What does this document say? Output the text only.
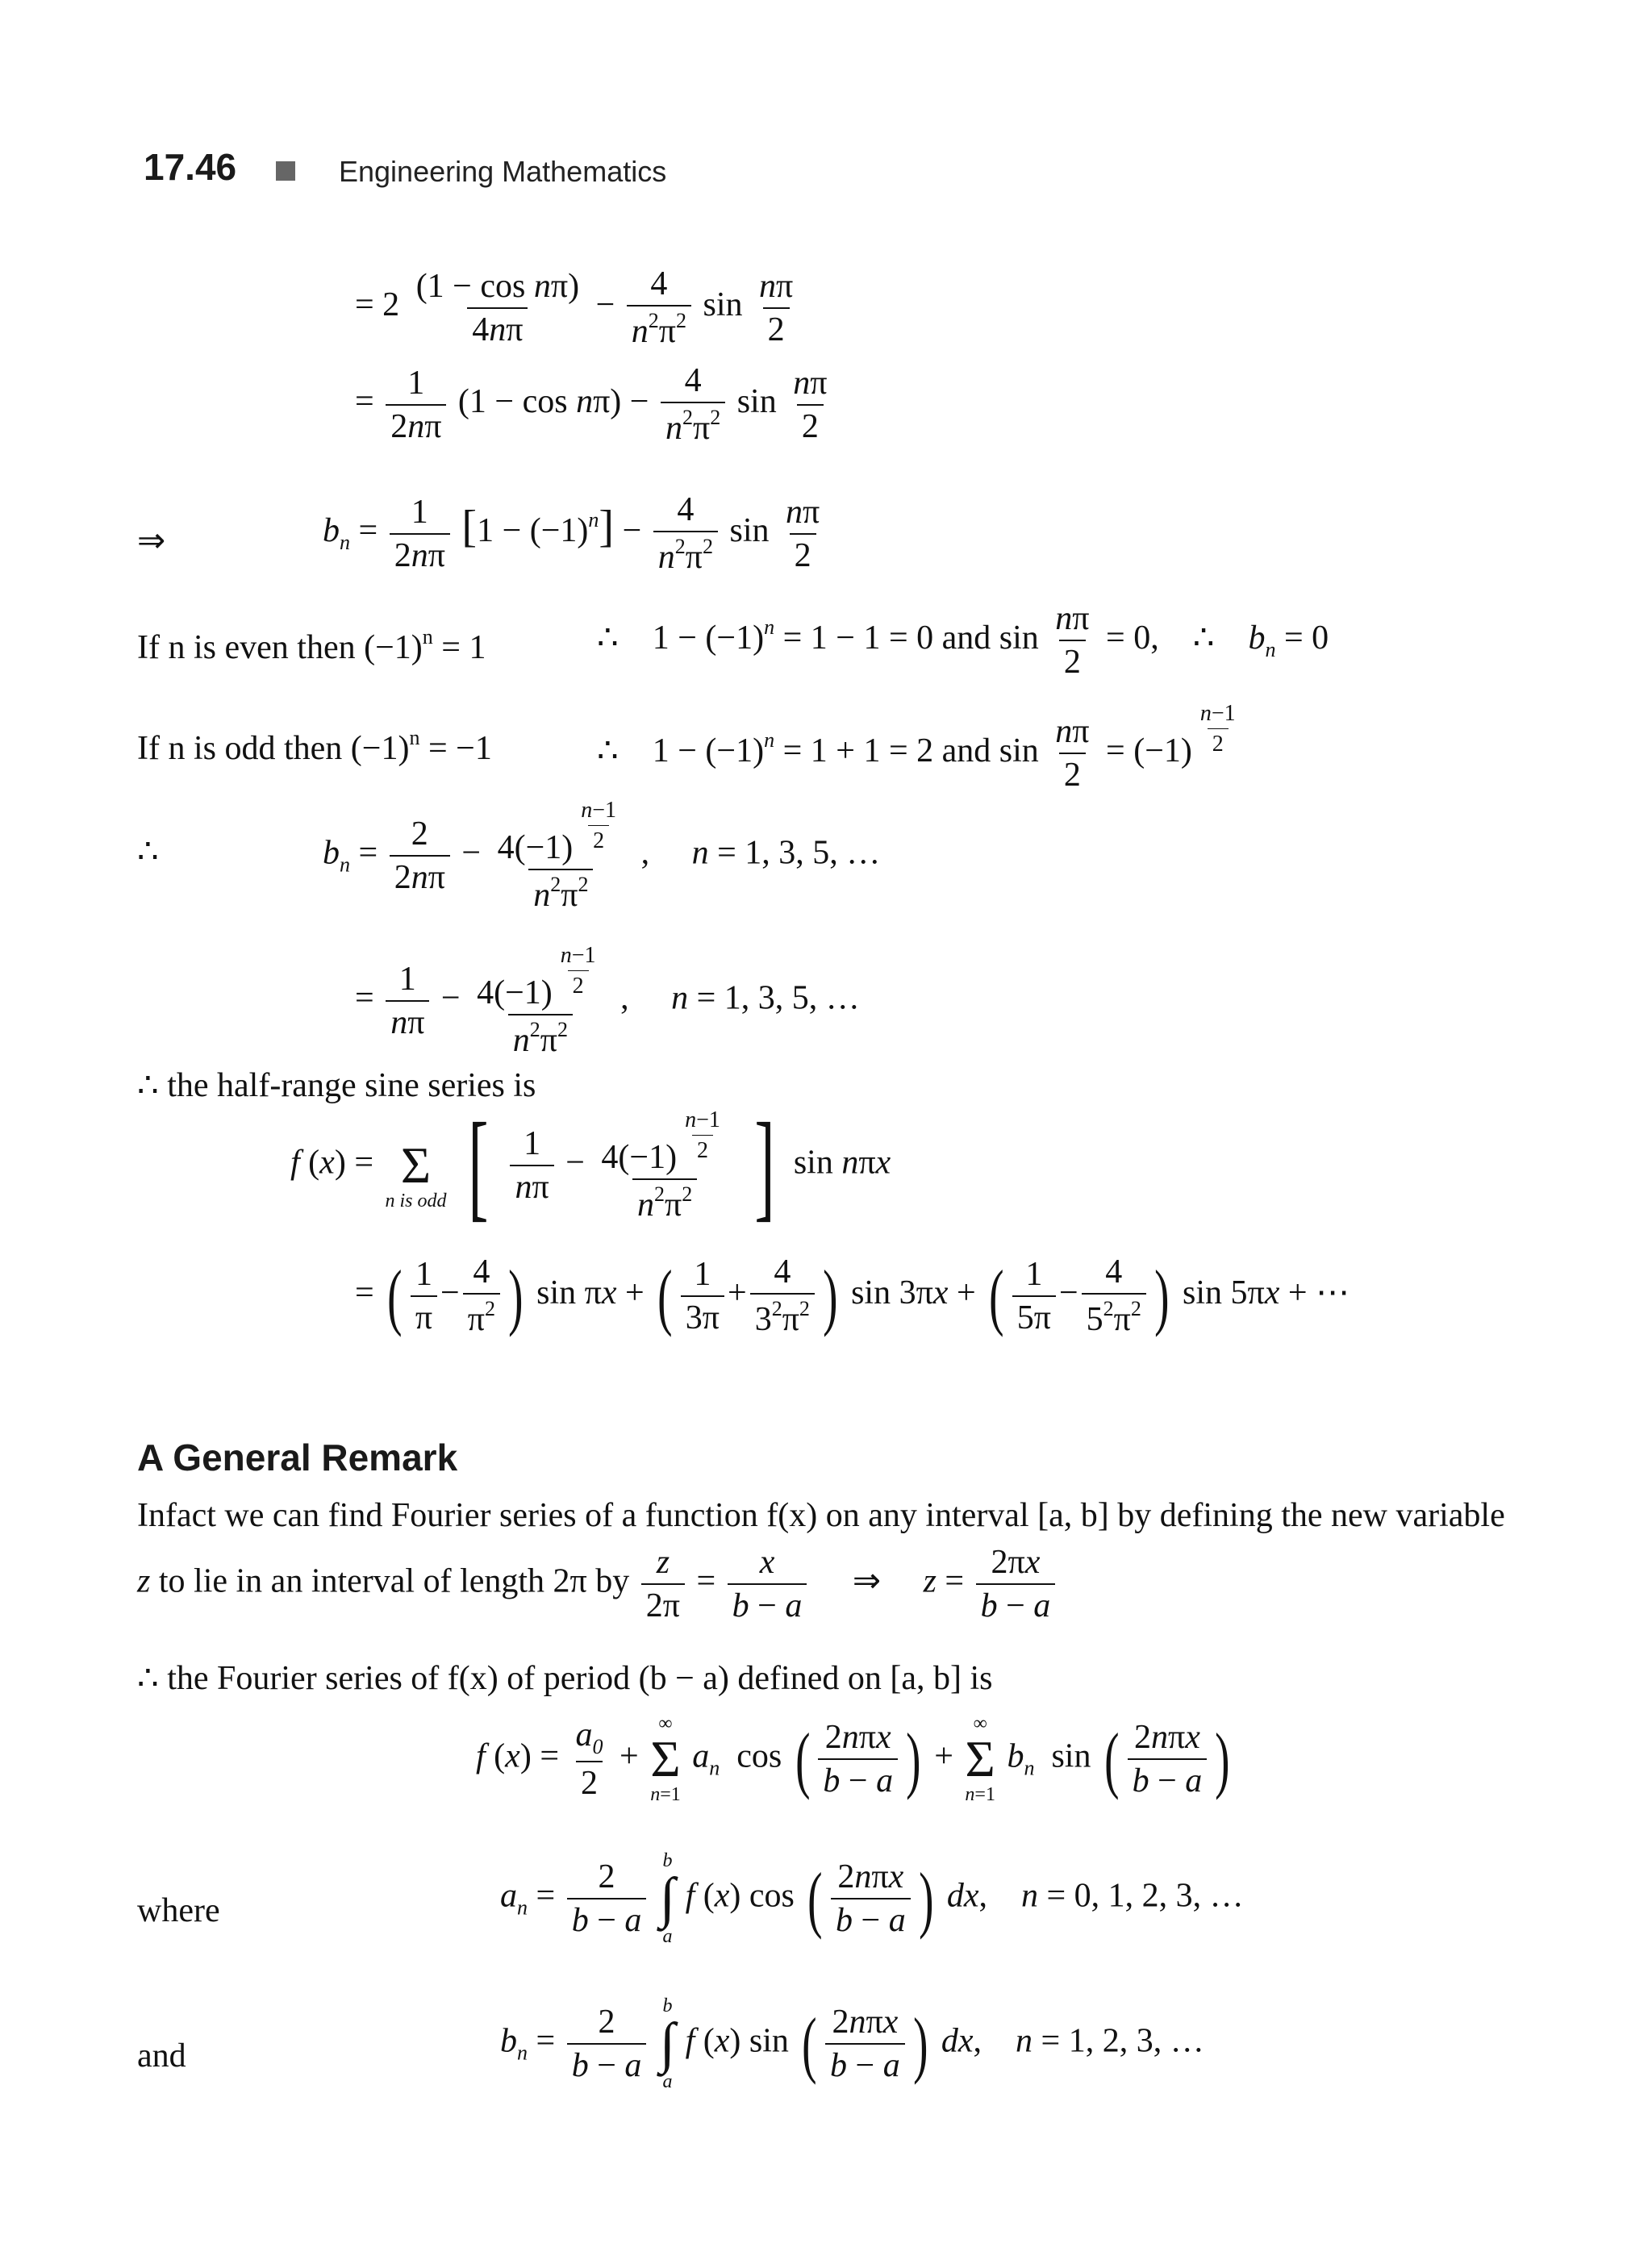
17.46	Engineering Mathematics
= $2 \frac{\text{(1 − cos nπ)}}{4n\pi} - \frac{4}{n^2\pi^2}$ $\sin \frac{n\pi}{2}$
= $\frac{1}{2n\pi} (1 - \cos n\pi) - \frac{4}{n^2\pi^2}$ $\sin \frac{n\pi}{2}$
⇒	$b_n = \frac{1}{2n\pi} [1 - (-1)^n] - \frac{4}{n^2\pi^2}$ $\sin \frac{n\pi}{2}$
If n is even then $(-1)^n = 1$	∴    $1 - (-1)^n = 1 - 1 = 0$ and $\sin \frac{n\pi}{2} = 0$,    ∴    $b_n = 0$
If n is odd then $(-1)^n = -1$	∴    $1 - (-1)^n = 1 + 1 = 2$ and $\sin \frac{n\pi}{2} = (-1) \frac{n-1}{2}$
∴	$b_n = \frac{2}{2n\pi} - \frac{4(-1) \frac{n-1}{2}}{n^2\pi^2}$ ,     n = 1, 3, 5, …
= $\frac{1}{n\pi} - \frac{4(-1) \frac{n-1}{2}}{n^2\pi^2}$ ,     n = 1, 3, 5, …
∴ the half-range sine series is
f (x) =
Σ
n is odd [ $\frac{1}{n\pi} - \frac{4(-1) \frac{n-1}{2}}{n^2\pi^2}$ ] sin nπx
= ( $\frac{1}{\pi} - \frac{4}{\pi^2}$ ) sin πx + ( $\frac{1}{3\pi} + \frac{4}{3^2\pi^2}$ ) sin 3πx + ( $\frac{1}{5\pi} - \frac{4}{5^2\pi^2}$ ) sin 5πx + ⋯
A General Remark
Infact we can find Fourier series of a function f(x) on any interval [a, b] by defining the new variable
z to lie in an interval of length 2π by $\frac{z}{2\pi} = \frac{x}{b - a}$ ⇒     $z = \frac{2\pi x}{b - a}$
∴ the Fourier series of f(x) of period (b − a) defined on [a, b] is
f $(x) = \frac{a_0}{2}$ +
∞
Σ
n=1
$a_n$  cos ( $\frac{\text{2nπx}}{b - a}$ ) +
∞
Σ
n=1
$b_n$  sin ( $\frac{\text{2nπx}}{b - a}$ )
where	$a_n = \frac{2}{b - a}$
b
∫
a
f (x) cos ( $\frac{\text{2nπx}}{b - a}$ ) dx,    n = 0, 1, 2, 3, …
and	$b_n = \frac{2}{b - a}$
b
∫
a
f (x) sin ( $\frac{\text{2nπx}}{b - a}$ ) dx,    n = 1, 2, 3, …
